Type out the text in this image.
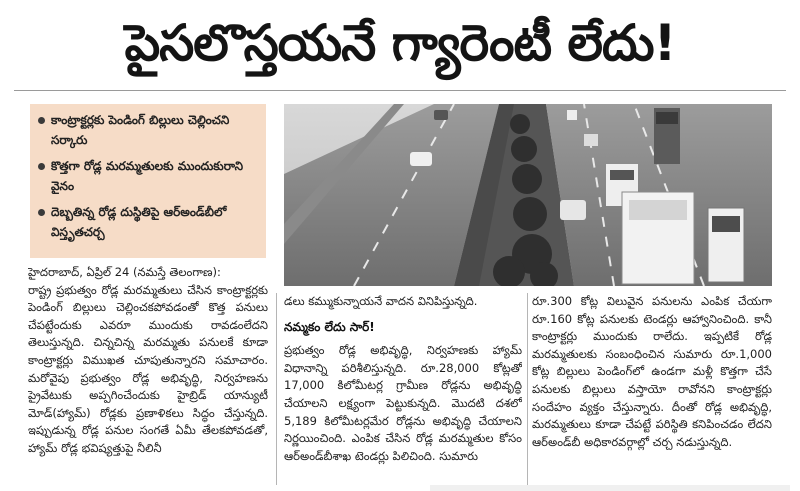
పైసలొస్తయనే గ్యారెంటీ లేదు!
కాంట్రాక్టర్లకు పెండింగ్ బిల్లులు చెల్లించని సర్కారు
కొత్తగా రోడ్ల మరమ్మతులకు ముందుకురాని వైనం
దెబ్బతిన్న రోడ్ల దుస్థితిపై ఆర్‌అండ్‌బీలో విస్తృతచర్చ

హైదరాబాద్, ఏప్రిల్ 24 (నమస్తే తెలంగాణ):

రాష్ట్ర ప్రభుత్వం రోడ్ల మరమ్మతులు చేసిన కాంట్రాక్టర్లకు పెండింగ్ బిల్లులు చెల్లించకపోవడంతో కొత్త పనులు చేపట్టేందుకు ఎవరూ ముందుకు రావడంలేదని తెలుస్తున్నది. చిన్నచిన్న మరమ్మతు పనులకే కూడా కాంట్రాక్టర్లు విముఖత చూపుతున్నారని సమాచారం. మరోవైపు ప్రభుత్వం రోడ్ల అభివృద్ధి, నిర్వహణను ప్రైవేటుకు అప్పగించేందుకు హైబ్రిడ్ యాన్యుటీ మోడ్(హ్యామ్) రోడ్లకు ప్రణాళికలు సిద్ధం చేస్తున్నది. ఇప్పుడున్న రోడ్ల పనుల సంగతే ఏమీ తేలకపోవడతో, హ్యామ్ రోడ్ల భవిష్యత్తుపై నీలినీ

డలు కమ్ముకున్నాయనే వాదన వినిపిస్తున్నది.

నమ్మకం లేదు సార్!

ప్రభుత్వం రోడ్ల అభివృద్ధి, నిర్వహణకు హ్యామ్ విధానాన్ని పరిశీలిస్తున్నది. రూ.28,000 కోట్లతో 17,000 కిలోమీటర్ల గ్రామీణ రోడ్లను అభివృద్ధి చేయాలని లక్ష్యంగా పెట్టుకున్నది. మొదటి దశలో 5,189 కిలోమీటర్లమేర రోడ్లను అభివృద్ధి చేయాలని నిర్ణయించింది. ఎంపిక చేసిన రోడ్ల మరమ్మతుల కోసం ఆర్‌అండ్‌బీశాఖ టెండర్లు పిలిచింది. సుమారు

రూ.300 కోట్ల విలువైన పనులను ఎంపిక చేయగా రూ.160 కోట్ల పనులకు టెండర్లు ఆహ్వానించింది. కానీ కాంట్రాక్టర్లు ముందుకు రాలేదు. ఇప్పటికే రోడ్ల మరమ్మతులకు సంబంధించిన సుమారు రూ.1,000 కోట్ల బిల్లులు పెండింగ్‌లో ఉండగా మళ్లీ కొత్తగా చేసే పనులకు బిల్లులు వస్తాయో రావోనని కాంట్రాక్టర్లు సందేహం వ్యక్తం చేస్తున్నారు. దీంతో రోడ్ల అభివృద్ధి, మరమ్మతులు కూడా చేపట్టే పరిస్థితి కనిపించడం లేదని ఆర్‌అండ్‌బీ అధికారవర్గాల్లో చర్చ నడుస్తున్నది.
